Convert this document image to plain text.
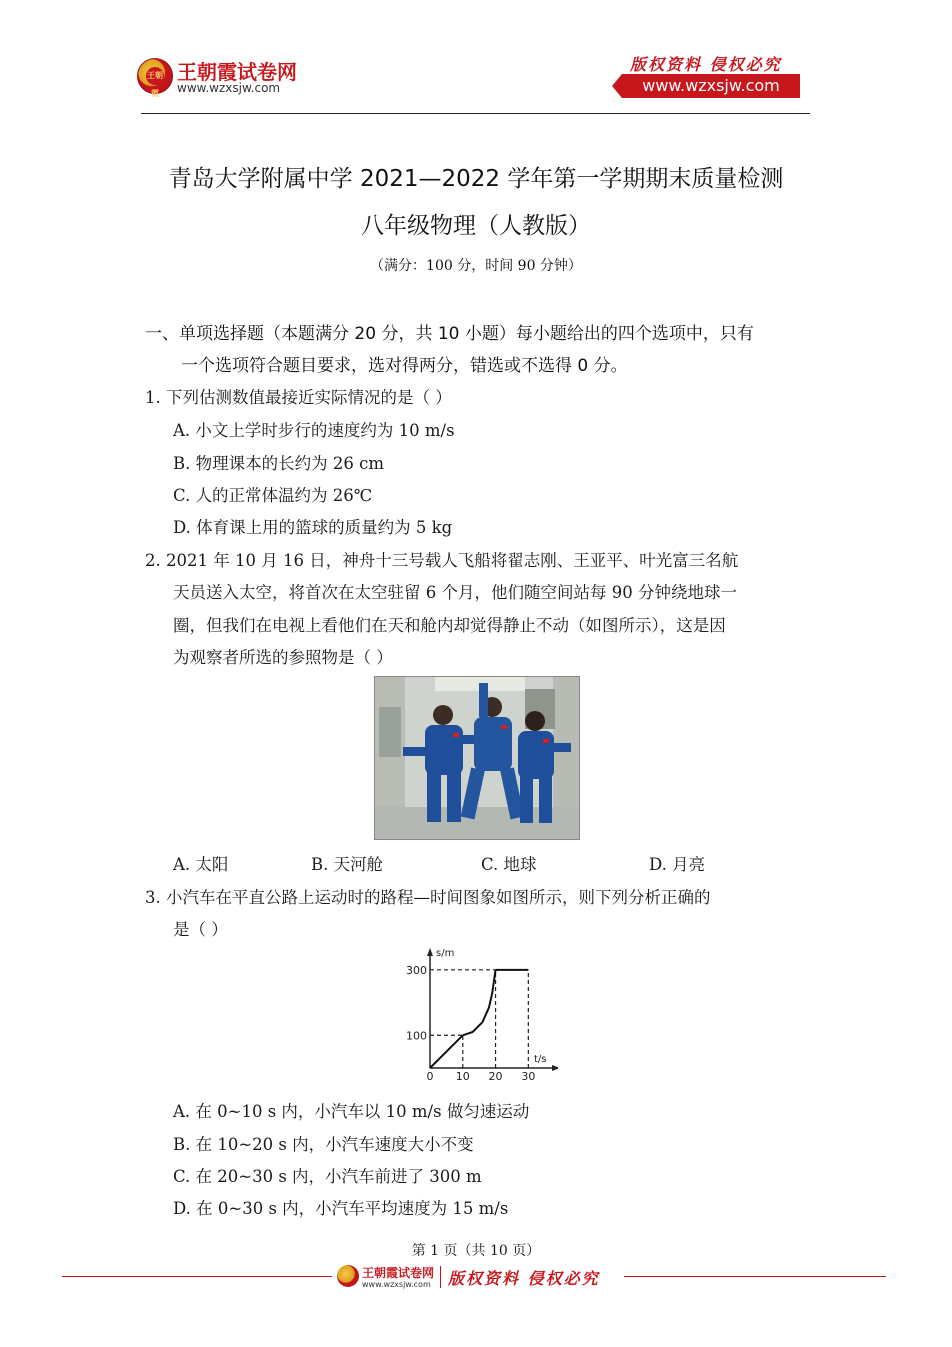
王朝霞
王朝霞试卷网
www.wzxsjw.com
版权资料 侵权必究
www.wzxsjw.com
青岛大学附属中学 2021—2022 学年第一学期期末质量检测
八年级物理（人教版）
（满分：100 分，时间 90 分钟）
一、单项选择题（本题满分 20 分，共 10 小题）每小题给出的四个选项中，只有
一个选项符合题目要求，选对得两分，错选或不选得 0 分。
1. 下列估测数值最接近实际情况的是（ ）
A. 小文上学时步行的速度约为 10 m/s
B. 物理课本的长约为 26 cm
C. 人的正常体温约为 26℃
D. 体育课上用的篮球的质量约为 5 kg
2. 2021 年 10 月 16 日，神舟十三号载人飞船将翟志刚、王亚平、叶光富三名航
天员送入太空，将首次在太空驻留 6 个月，他们随空间站每 90 分钟绕地球一
圈，但我们在电视上看他们在天和舱内却觉得静止不动（如图所示），这是因
为观察者所选的参照物是（ ）
A. 太阳	B. 天河舱	C. 地球	D. 月亮
3. 小汽车在平直公路上运动时的路程—时间图象如图所示，则下列分析正确的
是（ ）
s/m
t/s
0 10 20 30
100
300
A. 在 0~10 s 内，小汽车以 10 m/s 做匀速运动
B. 在 10~20 s 内，小汽车速度大小不变
C. 在 20~30 s 内，小汽车前进了 300 m
D. 在 0~30 s 内，小汽车平均速度为 15 m/s
第 1 页（共 10 页）
王朝霞试卷网
www.wzxsjw.com 版权资料 侵权必究
